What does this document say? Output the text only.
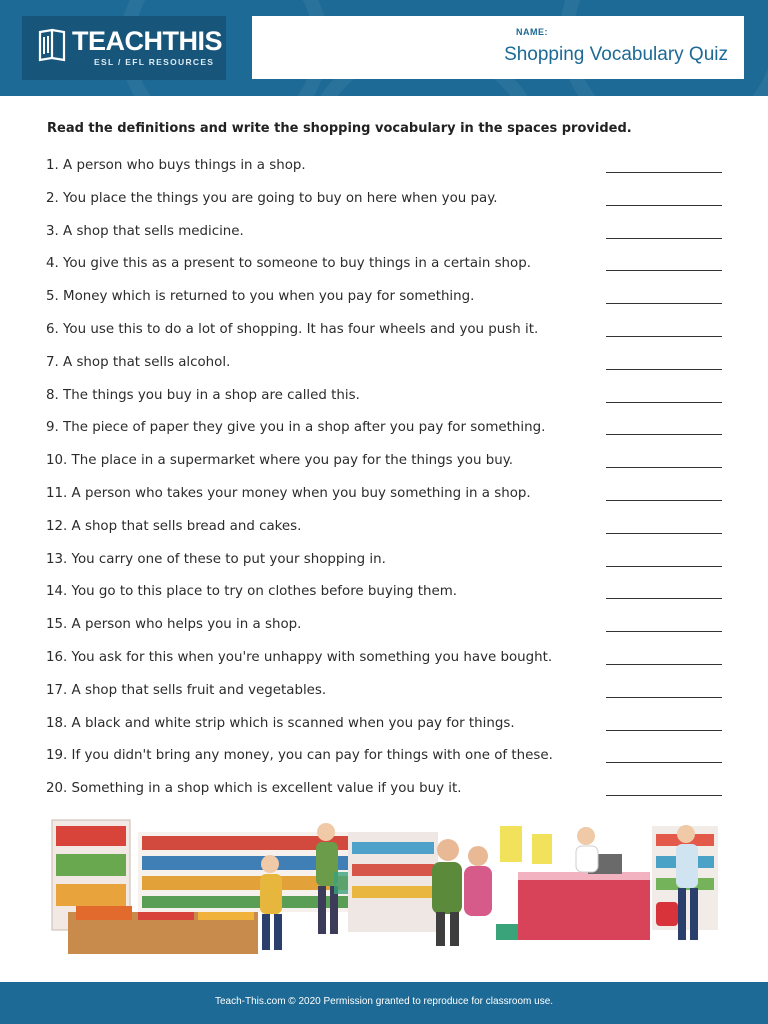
TEACHTHIS
ESL / EFL RESOURCES
NAME:
Shopping Vocabulary Quiz
Read the definitions and write the shopping vocabulary in the spaces provided.
1. A person who buys things in a shop.
2. You place the things you are going to buy on here when you pay.
3. A shop that sells medicine.
4. You give this as a present to someone to buy things in a certain shop.
5. Money which is returned to you when you pay for something.
6. You use this to do a lot of shopping. It has four wheels and you push it.
7. A shop that sells alcohol.
8. The things you buy in a shop are called this.
9. The piece of paper they give you in a shop after you pay for something.
10. The place in a supermarket where you pay for the things you buy.
11. A person who takes your money when you buy something in a shop.
12. A shop that sells bread and cakes.
13. You carry one of these to put your shopping in.
14. You go to this place to try on clothes before buying them.
15. A person who helps you in a shop.
16. You ask for this when you're unhappy with something you have bought.
17. A shop that sells fruit and vegetables.
18. A black and white strip which is scanned when you pay for things.
19. If you didn't bring any money, you can pay for things with one of these.
20. Something in a shop which is excellent value if you buy it.
Teach-This.com © 2020 Permission granted to reproduce for classroom use.
